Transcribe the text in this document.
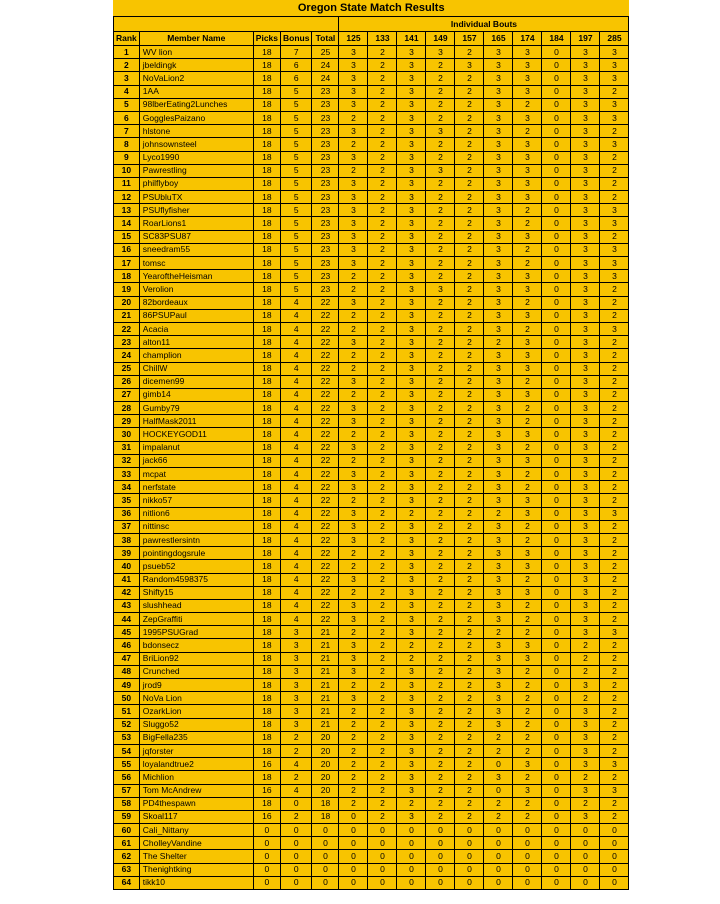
Oregon State Match Results														
					Individual Bouts									
Rank	Member Name	Picks	Bonus	Total	125	133	141	149	157	165	174	184	197	285
1	WV lion	18	7	25	3	2	3	3	2	3	3	0	3	3
2	jbeldingk	18	6	24	3	2	3	2	3	3	3	0	3	3
3	NoVaLion2	18	6	24	3	2	3	2	2	3	3	0	3	3
4	1AA	18	5	23	3	2	3	2	2	3	3	0	3	2
5	98lberEating2Lunches	18	5	23	3	2	3	2	2	3	2	0	3	3
6	GogglesPaizano	18	5	23	2	2	3	2	2	3	3	0	3	3
7	hlstone	18	5	23	3	2	3	3	2	3	2	0	3	2
8	johnsownsteel	18	5	23	2	2	3	2	2	3	3	0	3	3
9	Lyco1990	18	5	23	3	2	3	2	2	3	3	0	3	2
10	Pawrestling	18	5	23	2	2	3	3	2	3	3	0	3	2
11	philflyboy	18	5	23	3	2	3	2	2	3	3	0	3	2
12	PSUbluTX	18	5	23	3	2	3	2	2	3	3	0	3	2
13	PSUflyfisher	18	5	23	3	2	3	2	2	3	2	0	3	3
14	RoarLions1	18	5	23	3	2	3	2	2	3	2	0	3	3
15	SC83PSU87	18	5	23	3	2	3	2	2	3	3	0	3	2
16	sneedram55	18	5	23	3	2	3	2	2	3	2	0	3	3
17	tomsc	18	5	23	3	2	3	2	2	3	2	0	3	3
18	YearoftheHeisman	18	5	23	2	2	3	2	2	3	3	0	3	3
19	Verolion	18	5	23	2	2	3	3	2	3	3	0	3	2
20	82bordeaux	18	4	22	3	2	3	2	2	3	2	0	3	2
21	86PSUPaul	18	4	22	2	2	3	2	2	3	3	0	3	2
22	Acacia	18	4	22	2	2	3	2	2	3	2	0	3	3
23	alton11	18	4	22	3	2	3	2	2	2	3	0	3	2
24	champlion	18	4	22	2	2	3	2	2	3	3	0	3	2
25	ChillW	18	4	22	2	2	3	2	2	3	3	0	3	2
26	dicemen99	18	4	22	3	2	3	2	2	3	2	0	3	2
27	gimb14	18	4	22	2	2	3	2	2	3	3	0	3	2
28	Gumby79	18	4	22	3	2	3	2	2	3	2	0	3	2
29	HalfMask2011	18	4	22	3	2	3	2	2	3	2	0	3	2
30	HOCKEYGOD11	18	4	22	2	2	3	2	2	3	3	0	3	2
31	impalanut	18	4	22	3	2	3	2	2	3	2	0	3	2
32	jack66	18	4	22	2	2	3	2	2	3	3	0	3	2
33	mcpat	18	4	22	3	2	3	2	2	3	2	0	3	2
34	nerfstate	18	4	22	3	2	3	2	2	3	2	0	3	2
35	nikko57	18	4	22	2	2	3	2	2	3	3	0	3	2
36	nitlion6	18	4	22	3	2	2	2	2	2	3	0	3	3
37	nittinsc	18	4	22	3	2	3	2	2	3	2	0	3	2
38	pawrestlersintn	18	4	22	3	2	3	2	2	3	2	0	3	2
39	pointingdogsrule	18	4	22	2	2	3	2	2	3	3	0	3	2
40	psueb52	18	4	22	2	2	3	2	2	3	3	0	3	2
41	Random4598375	18	4	22	3	2	3	2	2	3	2	0	3	2
42	Shifty15	18	4	22	2	2	3	2	2	3	3	0	3	2
43	slushhead	18	4	22	3	2	3	2	2	3	2	0	3	2
44	ZepGraffiti	18	4	22	3	2	3	2	2	3	2	0	3	2
45	1995PSUGrad	18	3	21	2	2	3	2	2	2	2	0	3	3
46	bdonsecz	18	3	21	3	2	2	2	2	3	3	0	2	2
47	BriLion92	18	3	21	3	2	2	2	2	3	3	0	2	2
48	Crunched	18	3	21	3	2	3	2	2	3	2	0	2	2
49	jrod9	18	3	21	2	2	3	2	2	3	2	0	3	2
50	NoVa Lion	18	3	21	3	2	3	2	2	3	2	0	2	2
51	OzarkLion	18	3	21	2	2	3	2	2	3	2	0	3	2
52	Sluggo52	18	3	21	2	2	3	2	2	3	2	0	3	2
53	BigFella235	18	2	20	2	2	3	2	2	2	2	0	3	2
54	jqforster	18	2	20	2	2	3	2	2	2	2	0	3	2
55	loyalandtrue2	16	4	20	2	2	3	2	2	0	3	0	3	3
56	Michlion	18	2	20	2	2	3	2	2	3	2	0	2	2
57	Tom McAndrew	16	4	20	2	2	3	2	2	0	3	0	3	3
58	PD4thespawn	18	0	18	2	2	2	2	2	2	2	0	2	2
59	Skoal117	16	2	18	0	2	3	2	2	2	2	0	3	2
60	Cali_Nittany	0	0	0	0	0	0	0	0	0	0	0	0	0
61	CholleyVandine	0	0	0	0	0	0	0	0	0	0	0	0	0
62	The Shelter	0	0	0	0	0	0	0	0	0	0	0	0	0
63	Thenightking	0	0	0	0	0	0	0	0	0	0	0	0	0
64	tikk10	0	0	0	0	0	0	0	0	0	0	0	0	0
